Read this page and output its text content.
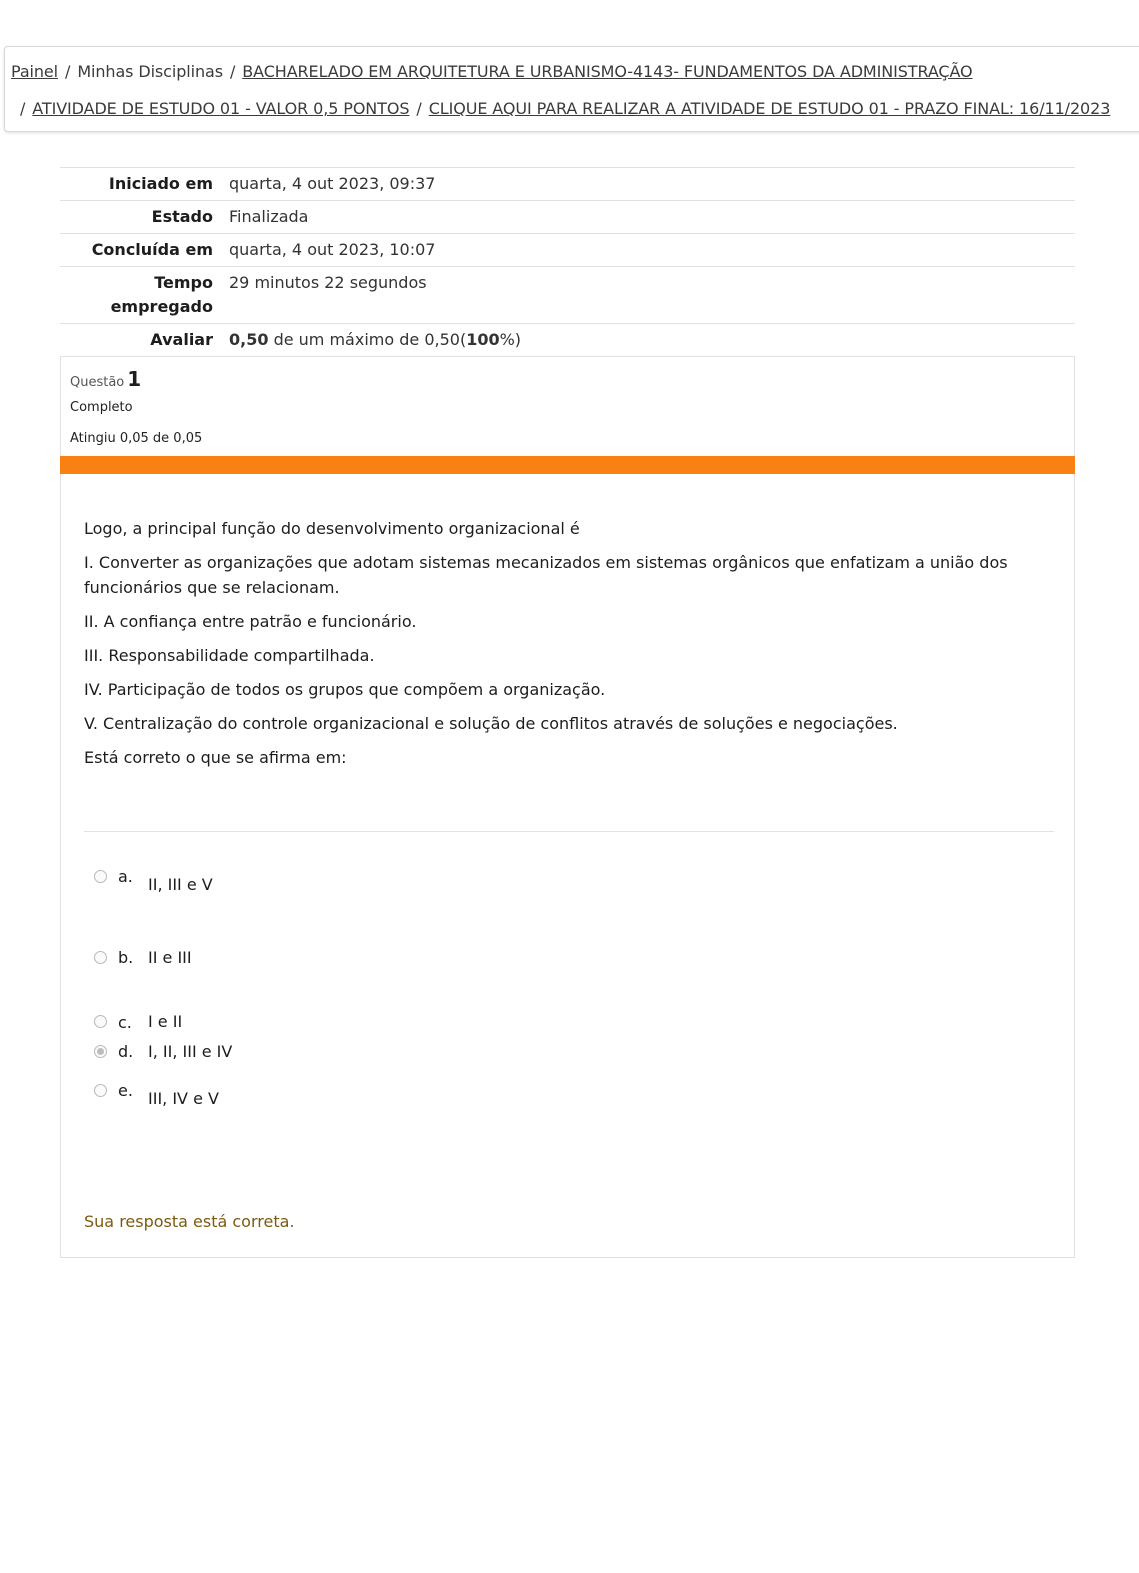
Painel / Minhas Disciplinas / BACHARELADO EM ARQUITETURA E URBANISMO-4143- FUNDAMENTOS DA ADMINISTRAÇÃO
/ ATIVIDADE DE ESTUDO 01 - VALOR 0,5 PONTOS / CLIQUE AQUI PARA REALIZAR A ATIVIDADE DE ESTUDO 01 - PRAZO FINAL: 16/11/2023
Iniciado em	quarta, 4 out 2023, 09:37
Estado	Finalizada
Concluída em	quarta, 4 out 2023, 10:07
Tempo
empregado	29 minutos 22 segundos
Avaliar	0,50 de um máximo de 0,50(100%)
Questão 1
Completo
Atingiu 0,05 de 0,05

Logo, a principal função do desenvolvimento organizacional é

I. Converter as organizações que adotam sistemas mecanizados em sistemas orgânicos que enfatizam a união dos funcionários que se relacionam.

II. A confiança entre patrão e funcionário.

III. Responsabilidade compartilhada.

IV. Participação de todos os grupos que compõem a organização.

V. Centralização do controle organizacional e solução de conflitos através de soluções e negociações.

Está correto o que se afirma em:

a. II, III e V
b. II e III
c. I e II
d. I, II, III e IV
e. III, IV e V
Sua resposta está correta.
